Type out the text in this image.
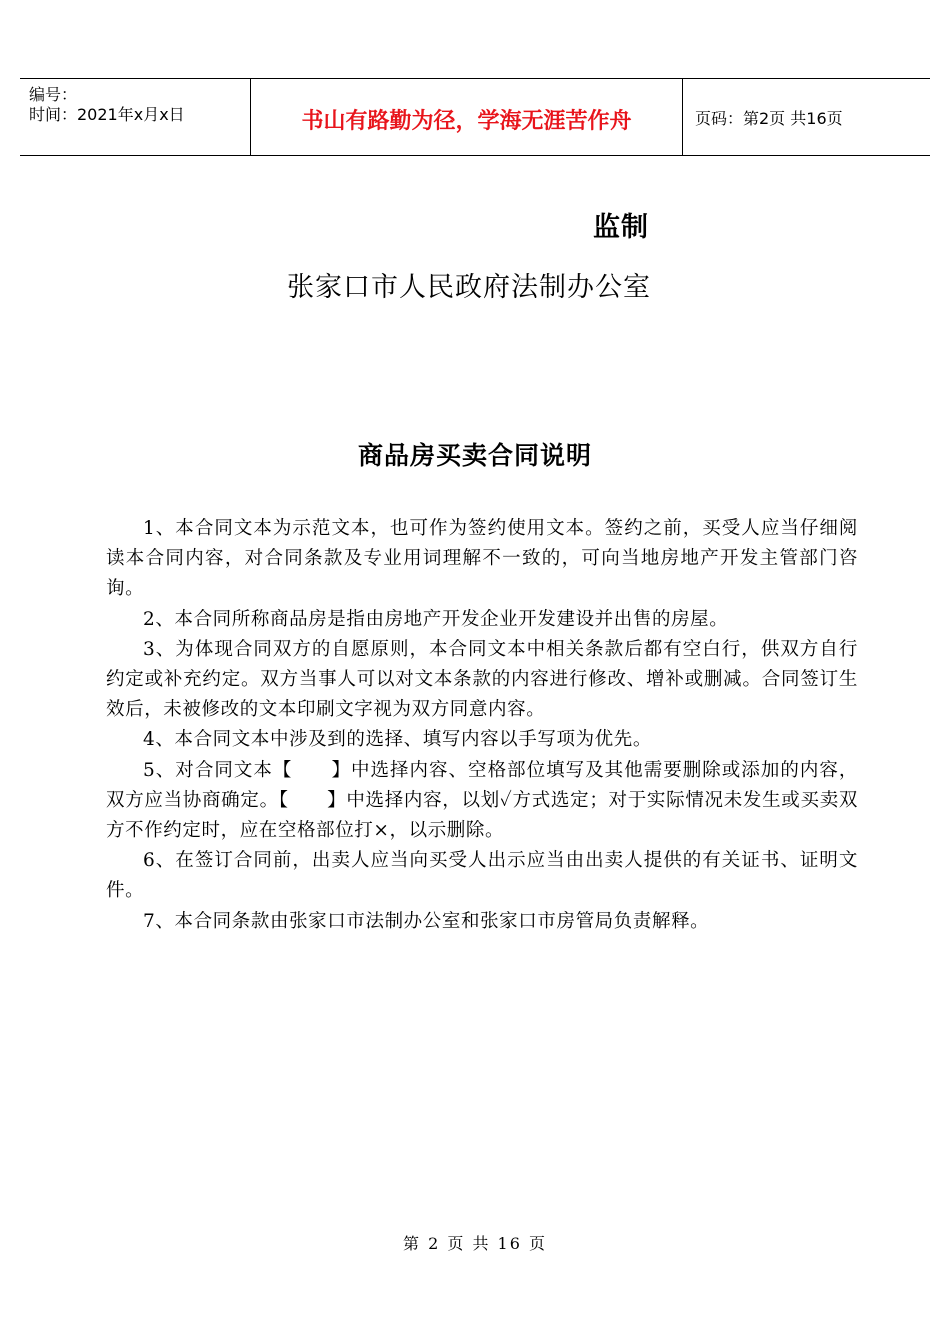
编号：
时间：2021年x月x日	书山有路勤为径，学海无涯苦作舟	页码：第2页 共16页
监制
张家口市人民政府法制办公室
商品房买卖合同说明

1、本合同文本为示范文本，也可作为签约使用文本。签约之前，买受人应当仔细阅读本合同内容，对合同条款及专业用词理解不一致的，可向当地房地产开发主管部门咨询。

2、本合同所称商品房是指由房地产开发企业开发建设并出售的房屋。

3、为体现合同双方的自愿原则，本合同文本中相关条款后都有空白行，供双方自行约定或补充约定。双方当事人可以对文本条款的内容进行修改、增补或删减。合同签订生效后，未被修改的文本印刷文字视为双方同意内容。

4、本合同文本中涉及到的选择、填写内容以手写项为优先。

5、对合同文本【　　】中选择内容、空格部位填写及其他需要删除或添加的内容，双方应当协商确定。【　　】中选择内容，以划✓方式选定；对于实际情况未发生或买卖双方不作约定时，应在空格部位打×，以示删除。

6、在签订合同前，出卖人应当向买受人出示应当由出卖人提供的有关证书、证明文件。

7、本合同条款由张家口市法制办公室和张家口市房管局负责解释。

第 2 页 共 16 页
